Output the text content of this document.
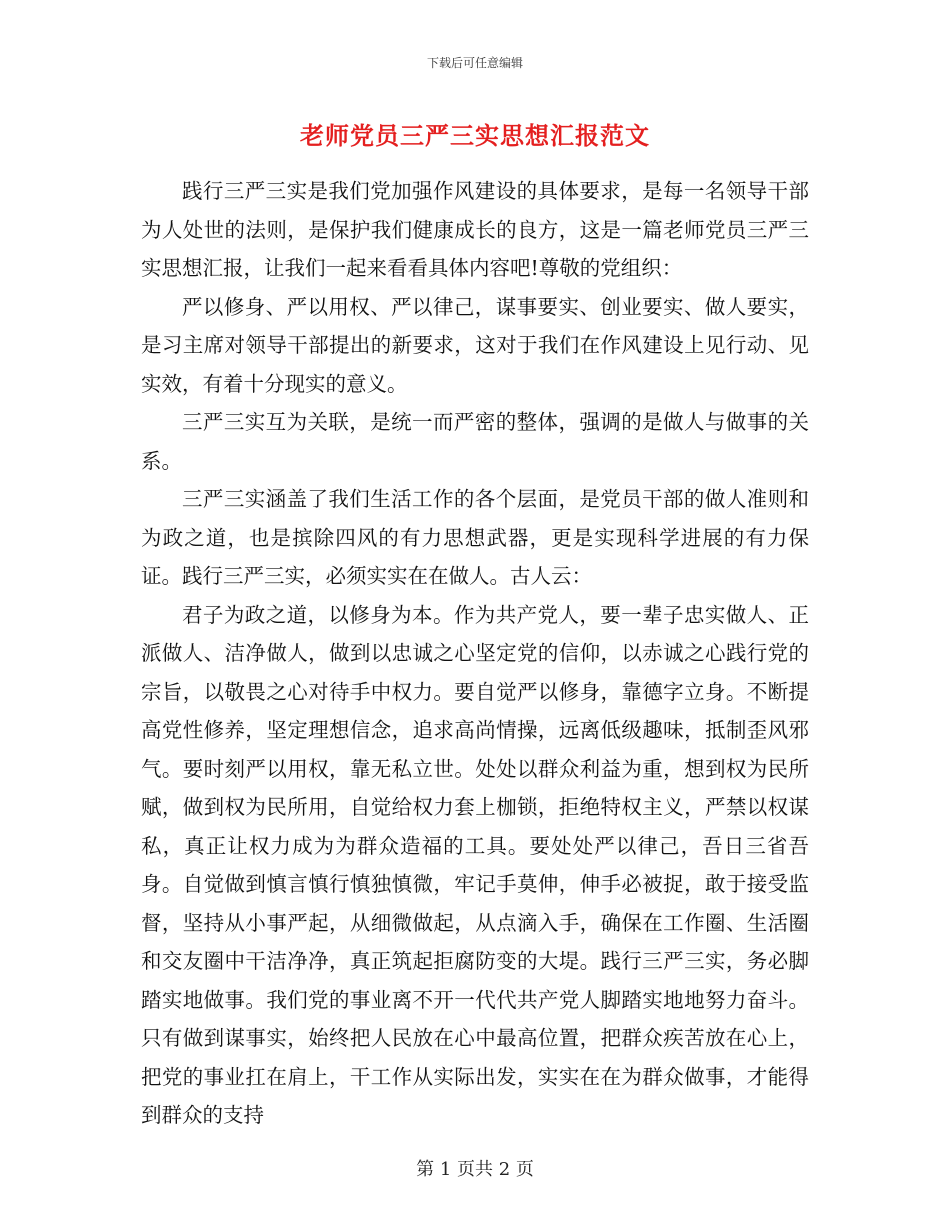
下载后可任意编辑
老师党员三严三实思想汇报范文

践行三严三实是我们党加强作风建设的具体要求，是每一名领导干部为人处世的法则，是保护我们健康成长的良方，这是一篇老师党员三严三实思想汇报，让我们一起来看看具体内容吧!尊敬的党组织：

严以修身、严以用权、严以律己，谋事要实、创业要实、做人要实，是习主席对领导干部提出的新要求，这对于我们在作风建设上见行动、见实效，有着十分现实的意义。

三严三实互为关联，是统一而严密的整体，强调的是做人与做事的关系。

三严三实涵盖了我们生活工作的各个层面，是党员干部的做人准则和为政之道，也是摈除四风的有力思想武器，更是实现科学进展的有力保证。践行三严三实，必须实实在在做人。古人云：

君子为政之道，以修身为本。作为共产党人，要一辈子忠实做人、正派做人、洁净做人，做到以忠诚之心坚定党的信仰，以赤诚之心践行党的宗旨，以敬畏之心对待手中权力。要自觉严以修身，靠德字立身。不断提高党性修养，坚定理想信念，追求高尚情操，远离低级趣味，抵制歪风邪气。要时刻严以用权，靠无私立世。处处以群众利益为重，想到权为民所赋，做到权为民所用，自觉给权力套上枷锁，拒绝特权主义，严禁以权谋私，真正让权力成为为群众造福的工具。要处处严以律己，吾日三省吾身。自觉做到慎言慎行慎独慎微，牢记手莫伸，伸手必被捉，敢于接受监督，坚持从小事严起，从细微做起，从点滴入手，确保在工作圈、生活圈和交友圈中干洁净净，真正筑起拒腐防变的大堤。践行三严三实，务必脚踏实地做事。我们党的事业离不开一代代共产党人脚踏实地地努力奋斗。只有做到谋事实，始终把人民放在心中最高位置，把群众疾苦放在心上，把党的事业扛在肩上，干工作从实际出发，实实在在为群众做事，才能得到群众的支持

第 1 页共 2 页
